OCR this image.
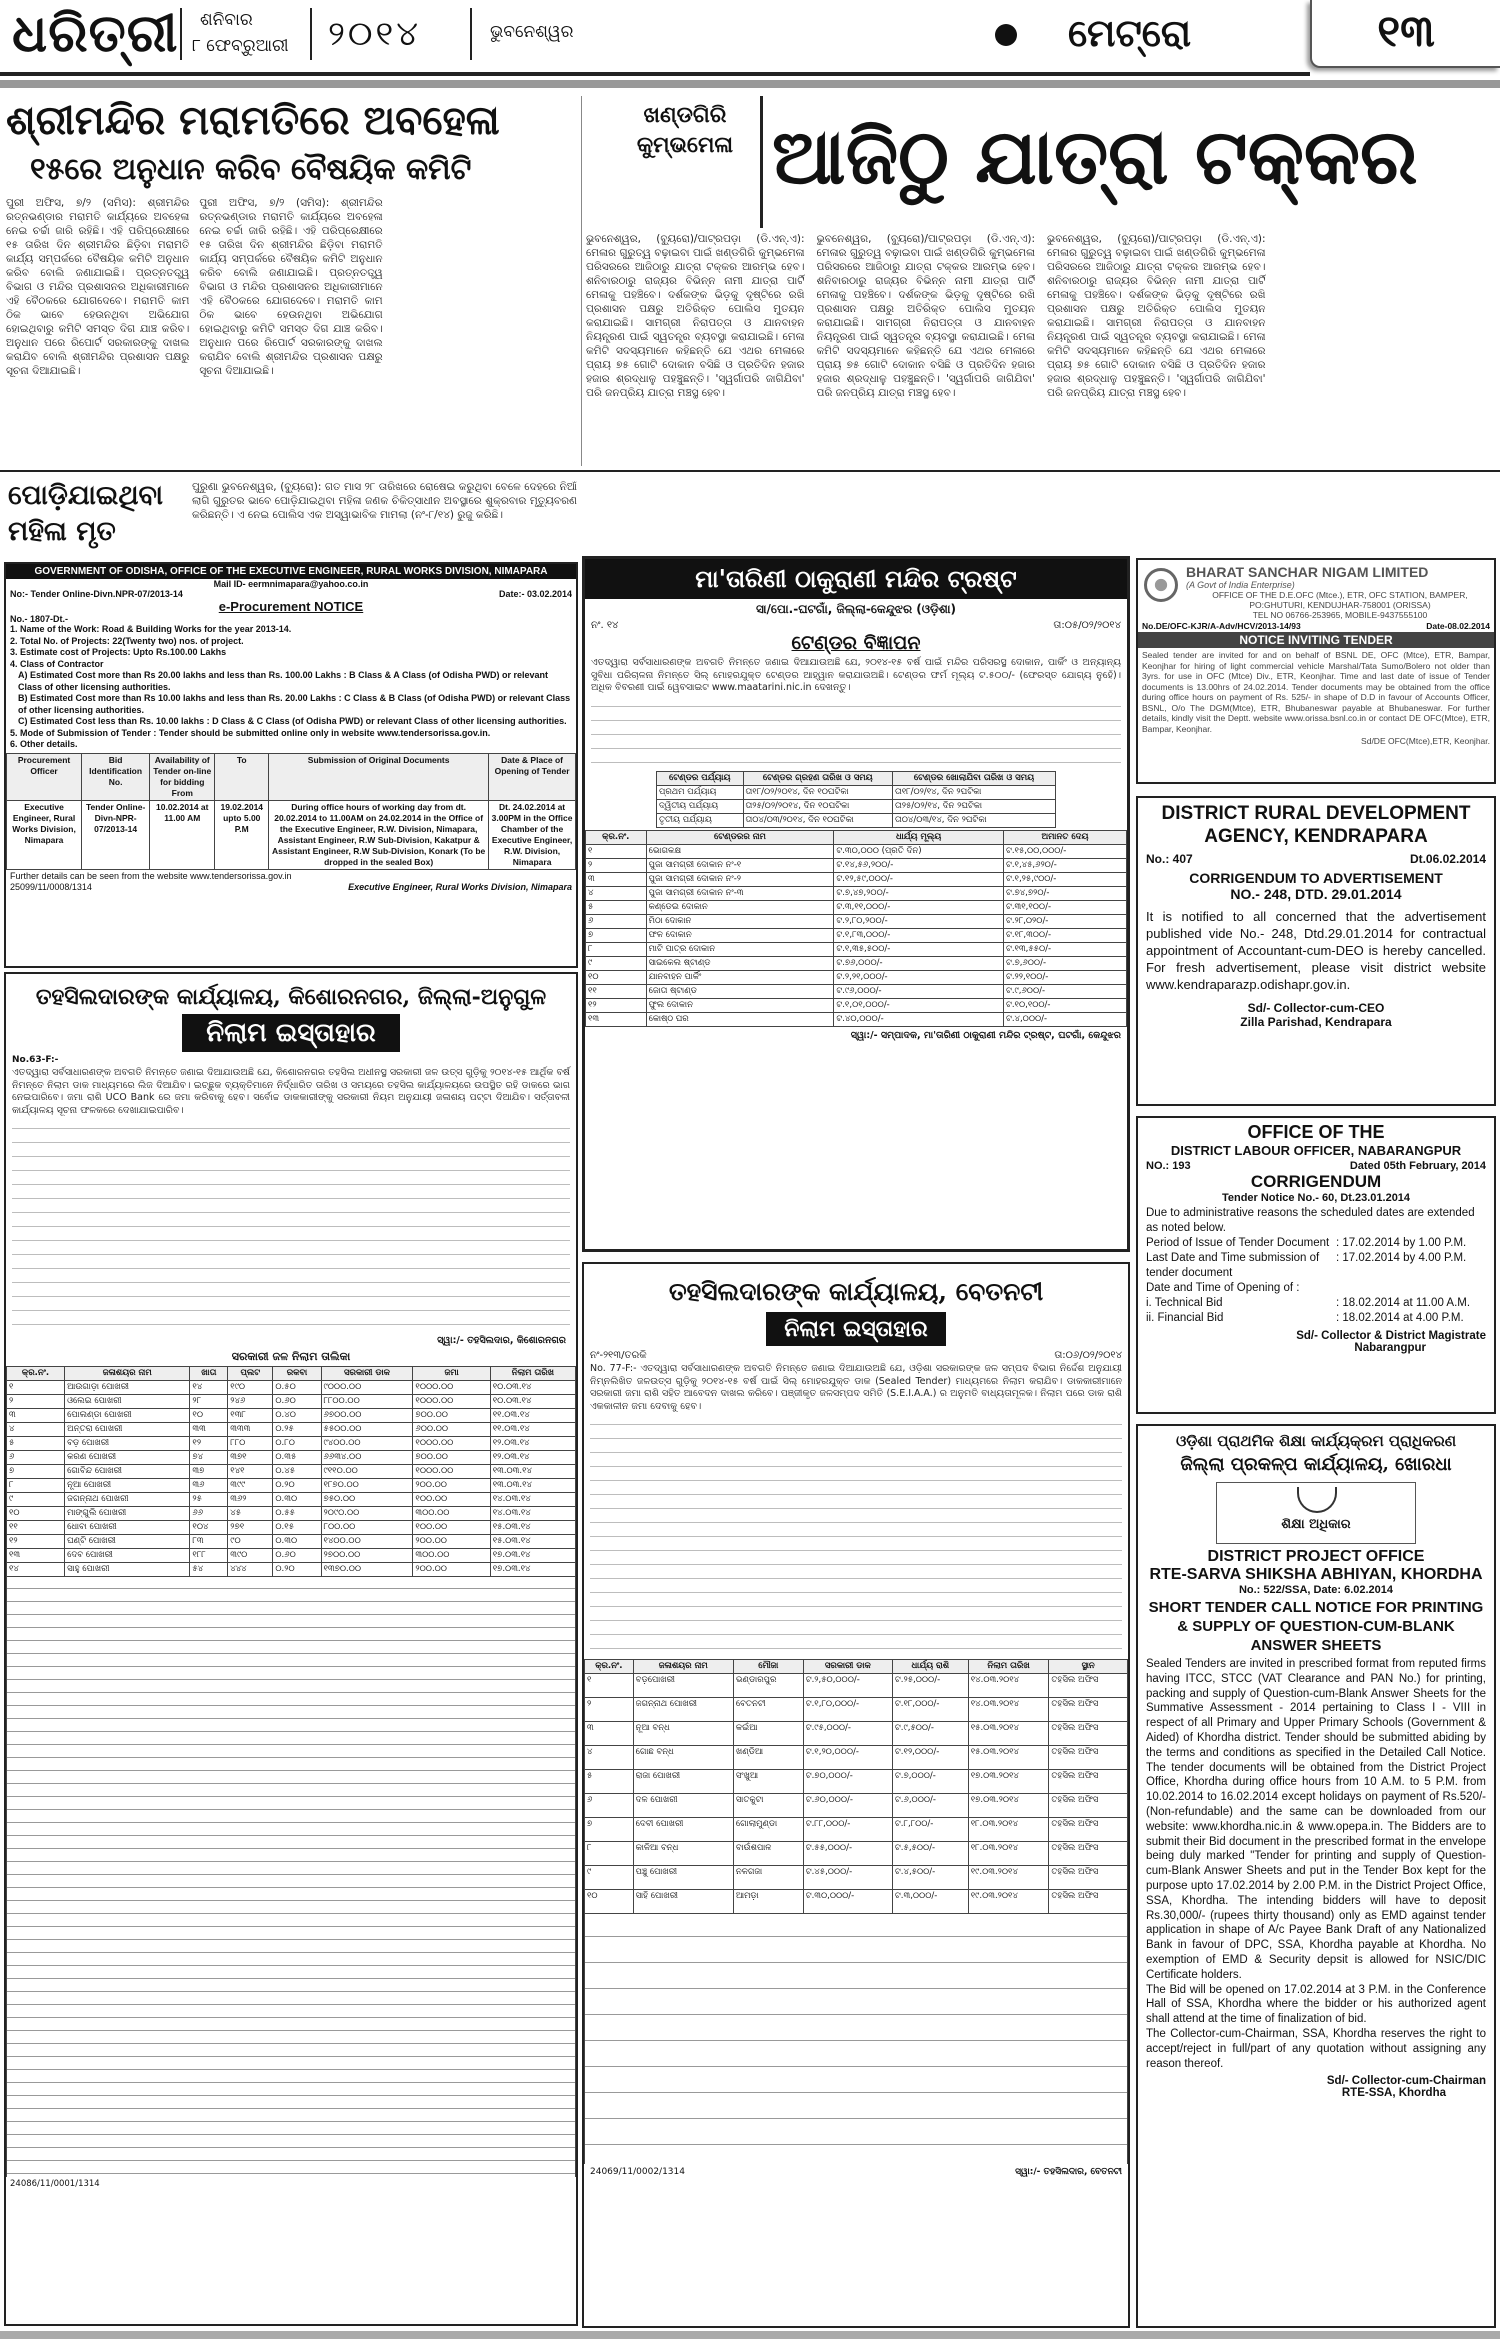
ଧରିତ୍ରୀ ଶନିବାର
୮ ଫେବ୍ରୁଆରୀ ୨୦୧୪	ଭୁବନେଶ୍ୱର	ମେଟ୍ରୋ	୧୩
ଶ୍ରୀମନ୍ଦିର ମରାମତିରେ ଅବହେଳା
୧୫ରେ ଅନୁଧାନ କରିବ ବୈଷୟିକ କମିଟି

ପୁରୀ ଅଫିସ, ୭/୨ (ସମିସ): ଶ୍ରୀମନ୍ଦିର ରତ୍ନଭଣ୍ଡାର ମରାମତି କାର୍ଯ୍ୟରେ ଅବହେଳା ନେଇ ଚର୍ଚ୍ଚା ଜାରି ରହିଛି। ଏହି ପରିପ୍ରେକ୍ଷୀରେ ୧୫ ତାରିଖ ଦିନ ଶ୍ରୀମନ୍ଦିର ଛିଡ଼ିବା ମରାମତି କାର୍ଯ୍ୟ ସମ୍ପର୍କରେ ବୈଷୟିକ କମିଟି ଅନୁଧାନ କରିବ ବୋଲି ଜଣାଯାଇଛି। ପ୍ରତ୍ନତତ୍ତ୍ୱ ବିଭାଗ ଓ ମନ୍ଦିର ପ୍ରଶାସନର ଅଧିକାରୀମାନେ ଏହି ବୈଠକରେ ଯୋଗଦେବେ। ମରାମତି କାମ ଠିକ ଭାବେ ହେଉନଥିବା ଅଭିଯୋଗ ହୋଇଥିବାରୁ କମିଟି ସମସ୍ତ ଦିଗ ଯାଞ୍ଚ କରିବ। ଅନୁଧାନ ପରେ ରିପୋର୍ଟ ସରକାରଙ୍କୁ ଦାଖଲ କରାଯିବ ବୋଲି ଶ୍ରୀମନ୍ଦିର ପ୍ରଶାସନ ପକ୍ଷରୁ ସୂଚନା ଦିଆଯାଇଛି।

ପୁରୀ ଅଫିସ, ୭/୨ (ସମିସ): ଶ୍ରୀମନ୍ଦିର ରତ୍ନଭଣ୍ଡାର ମରାମତି କାର୍ଯ୍ୟରେ ଅବହେଳା ନେଇ ଚର୍ଚ୍ଚା ଜାରି ରହିଛି। ଏହି ପରିପ୍ରେକ୍ଷୀରେ ୧୫ ତାରିଖ ଦିନ ଶ୍ରୀମନ୍ଦିର ଛିଡ଼ିବା ମରାମତି କାର୍ଯ୍ୟ ସମ୍ପର୍କରେ ବୈଷୟିକ କମିଟି ଅନୁଧାନ କରିବ ବୋଲି ଜଣାଯାଇଛି। ପ୍ରତ୍ନତତ୍ତ୍ୱ ବିଭାଗ ଓ ମନ୍ଦିର ପ୍ରଶାସନର ଅଧିକାରୀମାନେ ଏହି ବୈଠକରେ ଯୋଗଦେବେ। ମରାମତି କାମ ଠିକ ଭାବେ ହେଉନଥିବା ଅଭିଯୋଗ ହୋଇଥିବାରୁ କମିଟି ସମସ୍ତ ଦିଗ ଯାଞ୍ଚ କରିବ। ଅନୁଧାନ ପରେ ରିପୋର୍ଟ ସରକାରଙ୍କୁ ଦାଖଲ କରାଯିବ ବୋଲି ଶ୍ରୀମନ୍ଦିର ପ୍ରଶାସନ ପକ୍ଷରୁ ସୂଚନା ଦିଆଯାଇଛି।

ଖଣ୍ଡଗିରି କୁମ୍ଭମେଳା ଆଜିଠୁ ଯାତ୍ରା ଟକ୍କର

ଭୁବନେଶ୍ୱର, (ବ୍ୟୁରୋ)/ପାଟ୍ରପଡ଼ା (ଡି.ଏନ୍.ଏ): ମେଳାର ଗୁରୁତ୍ୱ ବଢ଼ାଇବା ପାଇଁ ଖଣ୍ଡଗିରି କୁମ୍ଭମେଳା ପରିସରରେ ଆଜିଠାରୁ ଯାତ୍ରା ଟକ୍କର ଆରମ୍ଭ ହେବ। ଶନିବାରଠାରୁ ରାଜ୍ୟର ବିଭିନ୍ନ ନାମୀ ଯାତ୍ରା ପାର୍ଟି ମେଳାକୁ ପହଞ୍ଚିବେ। ଦର୍ଶକଙ୍କ ଭିଡ଼କୁ ଦୃଷ୍ଟିରେ ରଖି ପ୍ରଶାସନ ପକ୍ଷରୁ ଅତିରିକ୍ତ ପୋଲିସ ମୁତୟନ କରାଯାଇଛି। ସାମଗ୍ରୀ ନିରାପତ୍ତା ଓ ଯାନବାହନ ନିୟନ୍ତ୍ରଣ ପାଇଁ ସ୍ୱତନ୍ତ୍ର ବ୍ୟବସ୍ଥା କରାଯାଇଛି। ମେଳା କମିଟି ସଦସ୍ୟମାନେ କହିଛନ୍ତି ଯେ ଏଥର ମେଳାରେ ପ୍ରାୟ ୭୫ ଗୋଟି ଦୋକାନ ବସିଛି ଓ ପ୍ରତିଦିନ ହଜାର ହଜାର ଶ୍ରଦ୍ଧାଳୁ ପହଞ୍ଚୁଛନ୍ତି। 'ସ୍ୱର୍ଗାପରି ଜାଗିଯିବା' ପରି ଜନପ୍ରିୟ ଯାତ୍ରା ମଞ୍ଚସ୍ଥ ହେବ।

ଭୁବନେଶ୍ୱର, (ବ୍ୟୁରୋ)/ପାଟ୍ରପଡ଼ା (ଡି.ଏନ୍.ଏ): ମେଳାର ଗୁରୁତ୍ୱ ବଢ଼ାଇବା ପାଇଁ ଖଣ୍ଡଗିରି କୁମ୍ଭମେଳା ପରିସରରେ ଆଜିଠାରୁ ଯାତ୍ରା ଟକ୍କର ଆରମ୍ଭ ହେବ। ଶନିବାରଠାରୁ ରାଜ୍ୟର ବିଭିନ୍ନ ନାମୀ ଯାତ୍ରା ପାର୍ଟି ମେଳାକୁ ପହଞ୍ଚିବେ। ଦର୍ଶକଙ୍କ ଭିଡ଼କୁ ଦୃଷ୍ଟିରେ ରଖି ପ୍ରଶାସନ ପକ୍ଷରୁ ଅତିରିକ୍ତ ପୋଲିସ ମୁତୟନ କରାଯାଇଛି। ସାମଗ୍ରୀ ନିରାପତ୍ତା ଓ ଯାନବାହନ ନିୟନ୍ତ୍ରଣ ପାଇଁ ସ୍ୱତନ୍ତ୍ର ବ୍ୟବସ୍ଥା କରାଯାଇଛି। ମେଳା କମିଟି ସଦସ୍ୟମାନେ କହିଛନ୍ତି ଯେ ଏଥର ମେଳାରେ ପ୍ରାୟ ୭୫ ଗୋଟି ଦୋକାନ ବସିଛି ଓ ପ୍ରତିଦିନ ହଜାର ହଜାର ଶ୍ରଦ୍ଧାଳୁ ପହଞ୍ଚୁଛନ୍ତି। 'ସ୍ୱର୍ଗାପରି ଜାଗିଯିବା' ପରି ଜନପ୍ରିୟ ଯାତ୍ରା ମଞ୍ଚସ୍ଥ ହେବ।

ଭୁବନେଶ୍ୱର, (ବ୍ୟୁରୋ)/ପାଟ୍ରପଡ଼ା (ଡି.ଏନ୍.ଏ): ମେଳାର ଗୁରୁତ୍ୱ ବଢ଼ାଇବା ପାଇଁ ଖଣ୍ଡଗିରି କୁମ୍ଭମେଳା ପରିସରରେ ଆଜିଠାରୁ ଯାତ୍ରା ଟକ୍କର ଆରମ୍ଭ ହେବ। ଶନିବାରଠାରୁ ରାଜ୍ୟର ବିଭିନ୍ନ ନାମୀ ଯାତ୍ରା ପାର୍ଟି ମେଳାକୁ ପହଞ୍ଚିବେ। ଦର୍ଶକଙ୍କ ଭିଡ଼କୁ ଦୃଷ୍ଟିରେ ରଖି ପ୍ରଶାସନ ପକ୍ଷରୁ ଅତିରିକ୍ତ ପୋଲିସ ମୁତୟନ କରାଯାଇଛି। ସାମଗ୍ରୀ ନିରାପତ୍ତା ଓ ଯାନବାହନ ନିୟନ୍ତ୍ରଣ ପାଇଁ ସ୍ୱତନ୍ତ୍ର ବ୍ୟବସ୍ଥା କରାଯାଇଛି। ମେଳା କମିଟି ସଦସ୍ୟମାନେ କହିଛନ୍ତି ଯେ ଏଥର ମେଳାରେ ପ୍ରାୟ ୭୫ ଗୋଟି ଦୋକାନ ବସିଛି ଓ ପ୍ରତିଦିନ ହଜାର ହଜାର ଶ୍ରଦ୍ଧାଳୁ ପହଞ୍ଚୁଛନ୍ତି। 'ସ୍ୱର୍ଗାପରି ଜାଗିଯିବା' ପରି ଜନପ୍ରିୟ ଯାତ୍ରା ମଞ୍ଚସ୍ଥ ହେବ।

ପୋଡ଼ିଯାଇଥିବା ମହିଳା ମୃତ

ପୁରୁଣା ଭୁବନେଶ୍ୱର, (ବ୍ୟୁରୋ): ଗତ ମାସ ୨୮ ତାରିଖରେ ରୋଷେଇ କରୁଥିବା ବେଳେ ଦେହରେ ନିଆଁ ଲାଗି ଗୁରୁତର ଭାବେ ପୋଡ଼ିଯାଇଥିବା ମହିଳା ଜଣକ ଚିକିତ୍ସାଧୀନ ଅବସ୍ଥାରେ ଶୁକ୍ରବାର ମୃତ୍ୟୁବରଣ କରିଛନ୍ତି। ଏ ନେଇ ପୋଲିସ ଏକ ଅସ୍ୱାଭାବିକ ମାମଲା (ନଂ-୮/୧୪) ରୁଜୁ କରିଛି।

GOVERNMENT OF ODISHA, OFFICE OF THE EXECUTIVE ENGINEER, RURAL WORKS DIVISION, NIMAPARA
Mail ID- eermnimapara@yahoo.co.in
No:- Tender Online-Divn.NPR-07/2013-14	Date:- 03.02.2014
e-Procurement NOTICE
No.- 1807-Dt.-
1. Name of the Work: Road & Building Works for the year 2013-14.
2. Total No. of Projects: 22(Twenty two) nos. of project.
3. Estimate cost of Projects: Upto Rs.100.00 Lakhs
4. Class of Contractor
A) Estimated Cost more than Rs 20.00 lakhs and less than Rs. 100.00 Lakhs : B Class & A Class (of Odisha PWD) or relevant Class of other licensing authorities.
B) Estimated Cost more than Rs 10.00 lakhs and less than Rs. 20.00 Lakhs : C Class & B Class (of Odisha PWD) or relevant Class of other licensing authorities.
C) Estimated Cost less than Rs. 10.00 lakhs : D Class & C Class (of Odisha PWD) or relevant Class of other licensing authorities.
5. Mode of Submission of Tender : Tender should be submitted online only in website www.tendersorissa.gov.in.
6. Other details.
Procurement Officer	Bid Identification No.	Availability of Tender on-line for bidding From	To	Submission of Original Documents	Date & Place of Opening of Tender
Executive Engineer, Rural Works Division, Nimapara	Tender Online-Divn-NPR-07/2013-14	10.02.2014 at 11.00 AM	19.02.2014 upto 5.00 P.M	During office hours of working day from dt. 20.02.2014 to 11.00AM on 24.02.2014 in the Office of the Executive Engineer, R.W. Division, Nimapara, Assistant Engineer, R.W Sub-Division, Kakatpur & Assistant Engineer, R.W Sub-Division, Konark (To be dropped in the sealed Box)	Dt. 24.02.2014 at 3.00PM in the Office Chamber of the Executive Engineer, R.W. Division, Nimapara
Further details can be seen from the website www.tendersorissa.gov.in
25099/11/0008/1314	Executive Engineer, Rural Works Division, Nimapara
ତହସିଲଦାରଙ୍କ କାର୍ଯ୍ୟାଳୟ, କିଶୋରନଗର, ଜିଲ୍ଲା-ଅନୁଗୁଳ
ନିଲାମ ଇସ୍ତାହାର
No.63-F:-

ଏତଦ୍ୱାରା ସର୍ବସାଧାରଣଙ୍କ ଅବଗତି ନିମନ୍ତେ ଜଣାଇ ଦିଆଯାଉଅଛି ଯେ, କିଶୋରନଗର ତହସିଲ ଅଧୀନସ୍ଥ ସରକାରୀ ଜଳ ଉତ୍ସ ଗୁଡ଼ିକୁ ୨୦୧୪-୧୫ ଆର୍ଥିକ ବର୍ଷ ନିମନ୍ତେ ନିଲାମ ଡାକ ମାଧ୍ୟମରେ ଲିଜ ଦିଆଯିବ। ଇଚ୍ଛୁକ ବ୍ୟକ୍ତିମାନେ ନିର୍ଦ୍ଧାରିତ ତାରିଖ ଓ ସମୟରେ ତହସିଲ କାର୍ଯ୍ୟାଳୟରେ ଉପସ୍ଥିତ ରହି ଡାକରେ ଭାଗ ନେଇପାରିବେ। ଜମା ରାଶି UCO Bank ରେ ଜମା କରିବାକୁ ହେବ। ସର୍ବୋଚ୍ଚ ଡାକକାରୀଙ୍କୁ ସରକାରୀ ନିୟମ ଅନୁଯାୟୀ ଜଳାଶୟ ପଟ୍ଟା ଦିଆଯିବ। ସର୍ତ୍ତାବଳୀ କାର୍ଯ୍ୟାଳୟ ସୂଚନା ଫଳକରେ ଦେଖାଯାଇପାରିବ।

ସ୍ୱା:/- ତହସିଲଦାର, କିଶୋରନଗର
ସରକାରୀ ଜଳ ନିଲାମ ତାଲିକା
କ୍ର.ନଂ.	ଜଳାଶୟର ନାମ	ଖାତା	ପ୍ଲଟ	ରକବା	ସରକାରୀ ଡାକ	ଜମା	ନିଲାମ ତାରିଖ
୧	ଆଉଗାଡ଼ା ପୋଖରୀ	୧୪	୧୯୦	୦.୫୦	୯୦୦୦.୦୦	୧୦୦୦.୦୦	୧୦.୦୩.୧୪
୨	ଓଲେଇ ପୋଖରୀ	୨୮	୨୪୬	୦.୬୦	୮୮୦୦.୦୦	୧୦୦୦.୦୦	୧୦.୦୩.୧୪
୩	ପୋଲଣ୍ଡା ପୋଖରୀ	୧୦	୧୩୮	୦.୪୦	୬୭୦୦.୦୦	୭୦୦.୦୦	୧୧.୦୩.୧୪
୪	ଅନ୍ତରା ପୋଖରୀ	୩୩	୩୩୩	୦.୨୫	୫୫୦୦.୦୦	୬୦୦.୦୦	୧୧.୦୩.୧୪
୫	ବଡ଼ ପୋଖରୀ	୧୨	୮୮୦	୦.୮୦	୯୪୦୦.୦୦	୧୦୦୦.୦୦	୧୨.୦୩.୧୪
୬	କରଣ ପୋଖରୀ	୭୪	୩୭୧	୦.୩୫	୬୬୩୪.୦୦	୭୦୦.୦୦	୧୨.୦୩.୧୪
୭	ଗୋବିନ୍ଦ ପୋଖରୀ	୩୭	୧୪୧	୦.୪୫	୯୧୧୦.୦୦	୧୦୦୦.୦୦	୧୩.୦୩.୧୪
୮	ନୂଆ ପୋଖରୀ	୩୬	୩୯୯	୦.୨୦	୧୮୭୦.୦୦	୨୦୦.୦୦	୧୩.୦୩.୧୪
୯	ଜଗନ୍ନାଥ ପୋଖରୀ	୨୫	୩୬୨	୦.୩୦	୭୫୦.୦୦	୧୦୦.୦୦	୧୪.୦୩.୧୪
୧୦	ମାଙ୍ଗୁଲି ପୋଖରୀ	୬୬	୪୫	୦.୫୫	୨୦୯୦.୦୦	୩୦୦.୦୦	୧୪.୦୩.୧୪
୧୧	ଧୋବା ପୋଖରୀ	୧୦୪	୨୭୧	୦.୧୫	୮୦୦.୦୦	୧୦୦.୦୦	୧୫.୦୩.୧୪
୧୨	ଘଣ୍ଟି ପୋଖରୀ	୮୩	୯୦	୦.୩୦	୧୪୦୦.୦୦	୨୦୦.୦୦	୧୫.୦୩.୧୪
୧୩	ଦେବ ପୋଖରୀ	୧୮୮	୩୯୦	୦.୬୦	୨୭୦୦.୦୦	୩୦୦.୦୦	୧୭.୦୩.୧୪
୧୪	ସାହୁ ପୋଖରୀ	୫୪	୪୪୪	୦.୨୦	୧୩୭୦.୦୦	୨୦୦.୦୦	୧୭.୦୩.୧୪
24086/11/0001/1314
ମା'ତାରିଣୀ ଠାକୁରାଣୀ ମନ୍ଦିର ଟ୍ରଷ୍ଟ
ସା/ପୋ.-ଘଟଗାଁ, ଜିଲ୍ଲା-କେନ୍ଦୁଝର (ଓଡ଼ିଶା)
ନଂ. ୧୪	ତା:୦୫/୦୨/୨୦୧୪
ଟେଣ୍ଡର ବିଜ୍ଞାପନ

ଏତଦ୍ୱାରା ସର୍ବସାଧାରଣଙ୍କ ଅବଗତି ନିମନ୍ତେ ଜଣାଇ ଦିଆଯାଉଅଛି ଯେ, ୨୦୧୪-୧୫ ବର୍ଷ ପାଇଁ ମନ୍ଦିର ପରିସରସ୍ଥ ଦୋକାନ, ପାର୍କିଂ ଓ ଅନ୍ୟାନ୍ୟ ସୁବିଧା ପରିଚାଳନା ନିମନ୍ତେ ସିଲ୍‌ ମୋହରଯୁକ୍ତ ଟେଣ୍ଡର ଆହ୍ୱାନ କରାଯାଉଅଛି। ଟେଣ୍ଡର ଫର୍ମ ମୂଲ୍ୟ ଟ.୫୦୦/- (ଫେରସ୍ତ ଯୋଗ୍ୟ ନୁହେଁ)। ଅଧିକ ବିବରଣୀ ପାଇଁ ୱେବସାଇଟ www.maatarini.nic.in ଦେଖନ୍ତୁ।

ଟେଣ୍ଡର ପର୍ଯ୍ୟାୟ	ଟେଣ୍ଡର ଗ୍ରହଣ ତାରିଖ ଓ ସମୟ	ଟେଣ୍ଡର ଖୋଲାଯିବା ତାରିଖ ଓ ସମୟ
ପ୍ରଥମ ପର୍ଯ୍ୟାୟ	ତା୧୮/୦୨/୨୦୧୪, ଦିନ ୧୦ଘଟିକା	ତା୧୮/୦୨/୧୪, ଦିନ ୨ଘଟିକା
ଦ୍ୱିତୀୟ ପର୍ଯ୍ୟାୟ	ତା୨୫/୦୨/୨୦୧୪, ଦିନ ୧୦ଘଟିକା	ତା୨୫/୦୨/୧୪, ଦିନ ୨ଘଟିକା
ତୃତୀୟ ପର୍ଯ୍ୟାୟ	ତା୦୪/୦୩/୨୦୧୪, ଦିନ ୧୦ଘଟିକା	ତା୦୪/୦୩/୧୪, ଦିନ ୨ଘଟିକା
କ୍ର.ନଂ.	ଟେଣ୍ଡରର ନାମ	ଧାର୍ଯ୍ୟ ମୂଲ୍ୟ	ଅମାନତ ଦେୟ
୧	ଭୋଗକକ୍ଷ	ଟ.୩୦,୦୦୦ (ପ୍ରତି ଦିନ)	ଟ.୧୫,୦୦,୦୦୦/-
୨	ପୁଜା ସାମଗ୍ରୀ ଦୋକାନ ନଂ-୧	ଟ.୧୪,୫୬,୨୦୦/-	ଟ.୧,୪୫,୬୨୦/-
୩	ପୁଜା ସାମଗ୍ରୀ ଦୋକାନ ନଂ-୨	ଟ.୧୨,୫୯,୦୦୦/-	ଟ.୧,୨୫,୯୦୦/-
୪	ପୁଜା ସାମଗ୍ରୀ ଦୋକାନ ନଂ-୩	ଟ.୭,୪୭,୨୦୦/-	ଟ.୭୪,୭୨୦/-
୫	କଣ୍ଡେଇ ଦୋକାନ	ଟ.୩,୧୧,୦୦୦/-	ଟ.୩୧,୧୦୦/-
୬	ମିଠା ଦୋକାନ	ଟ.୨,୮୦,୨୦୦/-	ଟ.୨୮,୦୨୦/-
୭	ଫଳ ଦୋକାନ	ଟ.୧,୮୩,୦୦୦/-	ଟ.୧୮,୩୦୦/-
୮	ମାଟି ପାତ୍ର ଦୋକାନ	ଟ.୧,୩୫,୫୦୦/-	ଟ.୧୩,୫୫୦/-
୯	ସାଇକେଲ ଷ୍ଟାଣ୍ଡ	ଟ.୭୬,୦୦୦/-	ଟ.୭,୬୦୦/-
୧୦	ଯାନବାହନ ପାର୍କିଂ	ଟ.୨,୨୧,୦୦୦/-	ଟ.୨୨,୧୦୦/-
୧୧	ଜୋତା ଷ୍ଟାଣ୍ଡ	ଟ.୯୬,୦୦୦/-	ଟ.୯,୬୦୦/-
୧୨	ଫୁଲ ଦୋକାନ	ଟ.୧,୦୧,୦୦୦/-	ଟ.୧୦,୧୦୦/-
୧୩	କୋଷ୍ଠ ଘର	ଟ.୪୦,୦୦୦/-	ଟ.୪,୦୦୦/-
ସ୍ୱା:/- ସମ୍ପାଦକ, ମା'ତାରିଣୀ ଠାକୁରାଣୀ ମନ୍ଦିର ଟ୍ରଷ୍ଟ, ଘଟଗାଁ, କେନ୍ଦୁଝର
ତହସିଲଦାରଙ୍କ କାର୍ଯ୍ୟାଳୟ, ବେତନଟୀ
ନିଲାମ ଇସ୍ତାହାର
ନଂ-୨୧୩/ତରକି	ତା:୦୬/୦୨/୨୦୧୪

No. 77-F:- ଏତଦ୍ୱାରା ସର୍ବସାଧାରଣଙ୍କ ଅବଗତି ନିମନ୍ତେ ଜଣାଇ ଦିଆଯାଉଅଛି ଯେ, ଓଡ଼ିଶା ସରକାରଙ୍କ ଜଳ ସମ୍ପଦ ବିଭାଗ ନିର୍ଦ୍ଦେଶ ଅନୁଯାୟୀ ନିମ୍ନଲିଖିତ ଜଳଉତ୍ସ ଗୁଡ଼ିକୁ ୨୦୧୪-୧୫ ବର୍ଷ ପାଇଁ ସିଲ୍ ମୋହରଯୁକ୍ତ ଡାକ (Sealed Tender) ମାଧ୍ୟମରେ ନିଲାମ କରାଯିବ। ଡାକକାରୀମାନେ ସରକାରୀ ଜମା ରାଶି ସହିତ ଆବେଦନ ଦାଖଲ କରିବେ। ପଞ୍ଜୀକୃତ ଜଳସମ୍ପଦ ସମିତି (S.E.I.A.A.) ର ଅନୁମତି ବାଧ୍ୟତାମୂଳକ। ନିଲାମ ପରେ ଡାକ ରାଶି ଏକକାଳୀନ ଜମା ଦେବାକୁ ହେବ।

କ୍ର.ନଂ.	ଜଳାଶୟର ନାମ	ମୌଜା	ସରକାରୀ ଡାକ	ଧାର୍ଯ୍ୟ ରାଶି	ନିଲାମ ତାରିଖ	ସ୍ଥାନ
୧	ବଡ଼ପୋଖରୀ	ଭଣ୍ଡାରପୁର	ଟ.୨,୫୦,୦୦୦/-	ଟ.୨୫,୦୦୦/-	୧୪.୦୩.୨୦୧୪	ତହସିଲ ଅଫିସ
୨	ଜଗନ୍ନାଥ ପୋଖରୀ	ବେତନଟୀ	ଟ.୧,୮୦,୦୦୦/-	ଟ.୧୮,୦୦୦/-	୧୪.୦୩.୨୦୧୪	ତହସିଲ ଅଫିସ
୩	ନୂଆ ବନ୍ଧ	କଇଁଆ	ଟ.୯୫,୦୦୦/-	ଟ.୯,୫୦୦/-	୧୫.୦୩.୨୦୧୪	ତହସିଲ ଅଫିସ
୪	ଗୋଛ ବନ୍ଧ	ଖଣ୍ଡିଆ	ଟ.୧,୨୦,୦୦୦/-	ଟ.୧୨,୦୦୦/-	୧୫.୦୩.୨୦୧୪	ତହସିଲ ଅଫିସ
୫	ରାଜା ପୋଖରୀ	ସଂଖୁଆ	ଟ.୭୦,୦୦୦/-	ଟ.୭,୦୦୦/-	୧୭.୦୩.୨୦୧୪	ତହସିଲ ଅଫିସ
୬	ଦଳ ପୋଖରୀ	ସାତକୁଟା	ଟ.୬୦,୦୦୦/-	ଟ.୬,୦୦୦/-	୧୭.୦୩.୨୦୧୪	ତହସିଲ ଅଫିସ
୭	ଦେବୀ ପୋଖରୀ	ଗୋଲାମୁଣ୍ଡା	ଟ.୮୮,୦୦୦/-	ଟ.୮,୮୦୦/-	୧୮.୦୩.୨୦୧୪	ତହସିଲ ଅଫିସ
୮	କାଳିଆ ବନ୍ଧ	ବାଉଁଶପାଳ	ଟ.୫୫,୦୦୦/-	ଟ.୫,୫୦୦/-	୧୮.୦୩.୨୦୧୪	ତହସିଲ ଅଫିସ
୯	ପଞ୍ଚୁ ପୋଖରୀ	ନଳଗଜା	ଟ.୪୫,୦୦୦/-	ଟ.୪,୫୦୦/-	୧୯.୦୩.୨୦୧୪	ତହସିଲ ଅଫିସ
୧୦	ସାହି ପୋଖରୀ	ଆମଡ଼ା	ଟ.୩୦,୦୦୦/-	ଟ.୩,୦୦୦/-	୧୯.୦୩.୨୦୧୪	ତହସିଲ ଅଫିସ
24069/11/0002/1314	ସ୍ୱା:/- ତହସିଲଦାର, ବେତନଟୀ
BHARAT SANCHAR NIGAM LIMITED
(A Govt of India Enterprise)
OFFICE OF THE D.E.OFC (Mtce.), ETR, OFC STATION, BAMPER, PO:GHUTURI, KENDUJHAR-758001 (ORISSA)
TEL NO 06766-253965, MOBILE-9437555100
No.DE/OFC-KJR/A-Adv/HCV/2013-14/93	Date-08.02.2014
NOTICE INVITING TENDER

Sealed tender are invited for and on behalf of BSNL DE, OFC (Mtce), ETR, Bampar, Keonjhar for hiring of light commercial vehicle Marshal/Tata Sumo/Bolero not older than 3yrs. for use in OFC (Mtce) Div., ETR, Keonjhar. Time and last date of issue of Tender documents is 13.00hrs of 24.02.2014. Tender documents may be obtained from the office during office hours on payment of Rs. 525/- in shape of D.D in favour of Accounts Officer, BSNL, O/o The DGM(Mtce), ETR, Bhubaneswar payable at Bhubaneswar. For further details, kindly visit the Deptt. website www.orissa.bsnl.co.in or contact DE OFC(Mtce), ETR, Bampar, Keonjhar.

Sd/DE OFC(Mtce),ETR, Keonjhar.
DISTRICT RURAL DEVELOPMENT AGENCY, KENDRAPARA
No.: 407	Dt.06.02.2014
CORRIGENDUM TO ADVERTISEMENT
NO.- 248, DTD. 29.01.2014

It is notified to all concerned that the advertisement published vide No.- 248, Dtd.29.01.2014 for contractual appointment of Accountant-cum-DEO is hereby cancelled. For fresh advertisement, please visit district website www.kendraparazp.odishapr.gov.in.

Sd/- Collector-cum-CEO
Zilla Parishad, Kendrapara
OFFICE OF THE
DISTRICT LABOUR OFFICER, NABARANGPUR
NO.: 193	Dated 05th February, 2014
CORRIGENDUM
Tender Notice No.- 60, Dt.23.01.2014

Due to administrative reasons the scheduled dates are extended as noted below.

Period of Issue of Tender Document : 17.02.2014 by 1.00 P.M.
Last Date and Time submission of tender document
: 17.02.2014 by 4.00 P.M.
Date and Time of Opening of :
i. Technical Bid	: 18.02.2014 at 11.00 A.M.
ii. Financial Bid	: 18.02.2014 at 4.00 P.M.
Sd/- Collector & District Magistrate
Nabarangpur
ଓଡ଼ିଶା ପ୍ରାଥମିକ ଶିକ୍ଷା କାର୍ଯ୍ୟକ୍ରମ ପ୍ରାଧିକରଣ
ଜିଲ୍ଲା ପ୍ରକଳ୍ପ କାର୍ଯ୍ୟାଳୟ, ଖୋରଧା
ଶିକ୍ଷା ଅଧିକାର
DISTRICT PROJECT OFFICE
RTE-SARVA SHIKSHA ABHIYAN, KHORDHA
No.: 522/SSA, Date: 6.02.2014
SHORT TENDER CALL NOTICE FOR PRINTING & SUPPLY OF QUESTION-CUM-BLANK ANSWER SHEETS

Sealed Tenders are invited in prescribed format from reputed firms having ITCC, STCC (VAT Clearance and PAN No.) for printing, packing and supply of Question-cum-Blank Answer Sheets for the Summative Assessment - 2014 pertaining to Class I - VIII in respect of all Primary and Upper Primary Schools (Government & Aided) of Khordha district. Tender should be submitted abiding by the terms and conditions as specified in the Detailed Call Notice. The tender documents will be obtained from the District Project Office, Khordha during office hours from 10 A.M. to 5 P.M. from 10.02.2014 to 16.02.2014 except holidays on payment of Rs.520/- (Non-refundable) and the same can be downloaded from our website: www.khordha.nic.in & www.opepa.in. The Bidders are to submit their Bid document in the prescribed format in the envelope being duly marked "Tender for printing and supply of Question-cum-Blank Answer Sheets and put in the Tender Box kept for the purpose upto 17.02.2014 by 2.00 P.M. in the District Project Office, SSA, Khordha. The intending bidders will have to deposit Rs.30,000/- (rupees thirty thousand) only as EMD against tender application in shape of A/c Payee Bank Draft of any Nationalized Bank in favour of DPC, SSA, Khordha payable at Khordha. No exemption of EMD & Security depsit is allowed for NSIC/DIC Certificate holders.

The Bid will be opened on 17.02.2014 at 3 P.M. in the Conference Hall of SSA, Khordha where the bidder or his authorized agent shall attend at the time of finalization of bid.

The Collector-cum-Chairman, SSA, Khordha reserves the right to accept/reject in full/part of any quotation without assigning any reason thereof.

Sd/- Collector-cum-Chairman
RTE-SSA, Khordha
